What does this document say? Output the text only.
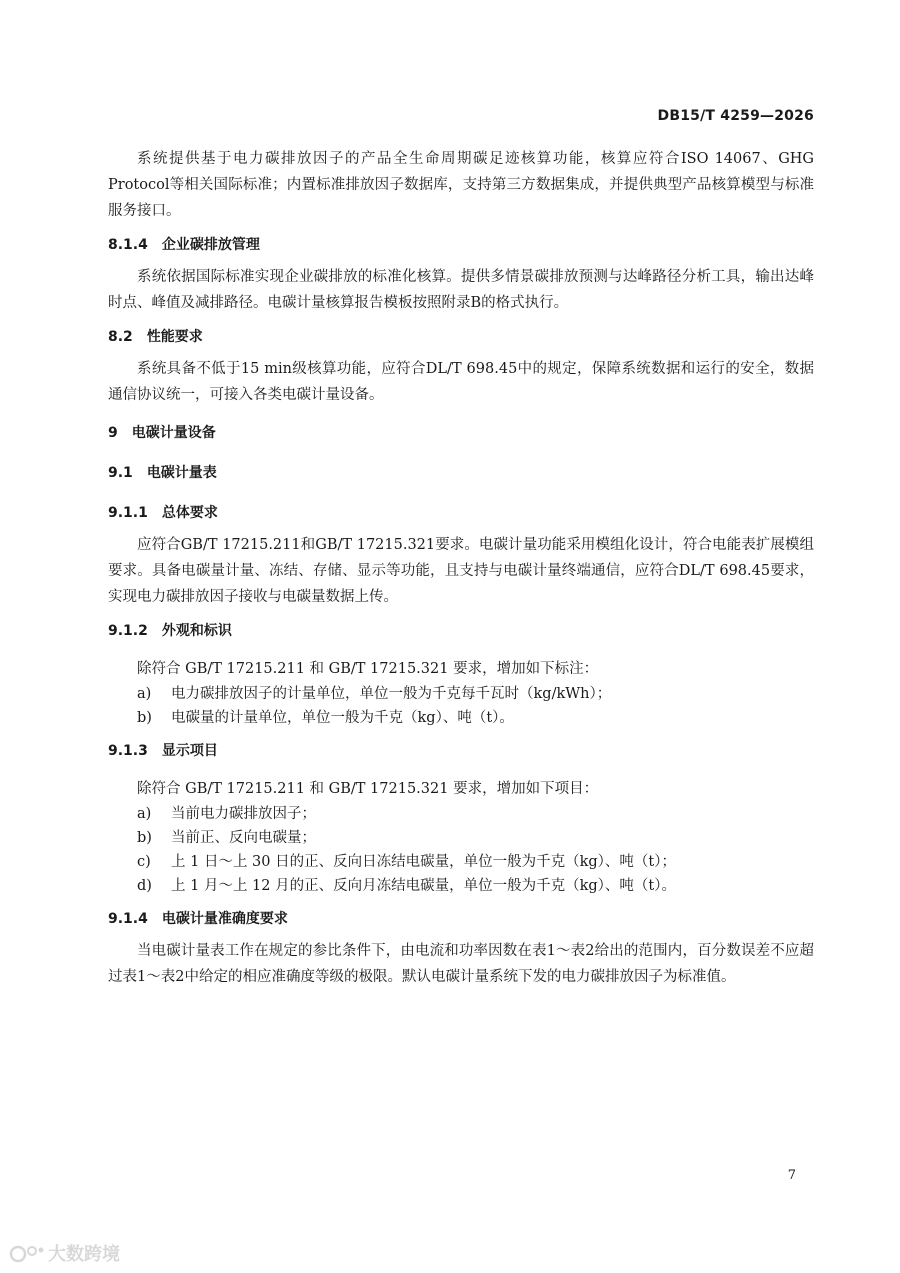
DB15/T 4259—2026

系统提供基于电力碳排放因子的产品全生命周期碳足迹核算功能，核算应符合ISO 14067、GHG Protocol等相关国际标准；内置标准排放因子数据库，支持第三方数据集成，并提供典型产品核算模型与标准服务接口。

8.1.4 企业碳排放管理

系统依据国际标准实现企业碳排放的标准化核算。提供多情景碳排放预测与达峰路径分析工具，输出达峰时点、峰值及减排路径。电碳计量核算报告模板按照附录B的格式执行。

8.2 性能要求

系统具备不低于15 min级核算功能，应符合DL/T 698.45中的规定，保障系统数据和运行的安全，数据通信协议统一，可接入各类电碳计量设备。

9 电碳计量设备
9.1 电碳计量表
9.1.1 总体要求

应符合GB/T 17215.211和GB/T 17215.321要求。电碳计量功能采用模组化设计，符合电能表扩展模组要求。具备电碳量计量、冻结、存储、显示等功能，且支持与电碳计量终端通信，应符合DL/T 698.45要求，实现电力碳排放因子接收与电碳量数据上传。

9.1.2 外观和标识

除符合 GB/T 17215.211 和 GB/T 17215.321 要求，增加如下标注：

a)	电力碳排放因子的计量单位，单位一般为千克每千瓦时（kg/kWh）；
b)	电碳量的计量单位，单位一般为千克（kg）、吨（t）。
9.1.3 显示项目

除符合 GB/T 17215.211 和 GB/T 17215.321 要求，增加如下项目：

a)	当前电力碳排放因子；
b)	当前正、反向电碳量；
c)	上 1 日～上 30 日的正、反向日冻结电碳量，单位一般为千克（kg）、吨（t）；
d)	上 1 月～上 12 月的正、反向月冻结电碳量，单位一般为千克（kg）、吨（t）。
9.1.4 电碳计量准确度要求

当电碳计量表工作在规定的参比条件下，由电流和功率因数在表1～表2给出的范围内，百分数误差不应超过表1～表2中给定的相应准确度等级的极限。默认电碳计量系统下发的电力碳排放因子为标准值。

7
大数跨境
